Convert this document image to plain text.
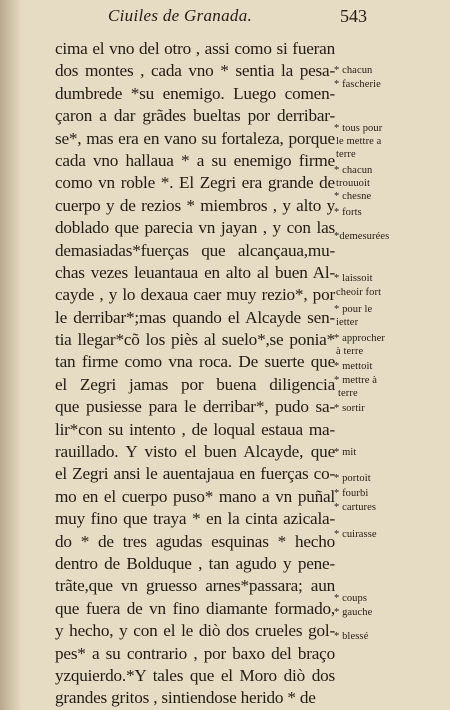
Ciuiles de Granada.	543
cima el vno del otro , assi como si fueran
dos montes , cada vno * sentia la pesa-
dumbrede *su enemigo. Luego comen-
çaron a dar grãdes bueltas por derribar-
se*, mas era en vano su fortaleza, porque
cada vno hallaua * a su enemigo firme
como vn roble *. El Zegri era grande de
cuerpo y de rezios * miembros , y alto y
doblado que parecia vn jayan , y con las
demasiadas*fuerças que alcançaua,mu-
chas vezes leuantaua en alto al buen Al-
cayde , y lo dexaua caer muy rezio*, por
le derribar*;mas quando el Alcayde sen-
tia llegar*cõ los piès al suelo*,se ponia*
tan firme como vna roca. De suerte que
el Zegri jamas por buena diligencia
que pusiesse para le derribar*, pudo sa-
lir*con su intento , de loqual estaua ma-
rauillado. Y visto el buen Alcayde, que
el Zegri ansi le auentajaua en fuerças co-
mo en el cuerpo puso* mano a vn puñal
muy fino que traya * en la cinta azicala-
do * de tres agudas esquinas * hecho
dentro de Bolduque , tan agudo y pene-
trãte,que vn gruesso arnes*passara; aun
que fuera de vn fino diamante formado,
y hecho, y con el le diò dos crueles gol-
pes* a su contrario , por baxo del braço
yzquierdo.*Y tales que el Moro diò dos
grandes gritos , sintiendose herido * de
* chacun
* fascherie
* tous pour
le mettre a
terre
* chacun
trouuoit
* chesne
* forts
*demesurées
* laissoit
cheoir fort
* pour le
ietter
* approcher
à terre
* mettoit
* mettre à
terre
* sortir
* mit
* portoit
* fourbi
* cartures
* cuirasse
* coups
* gauche
* blessé
